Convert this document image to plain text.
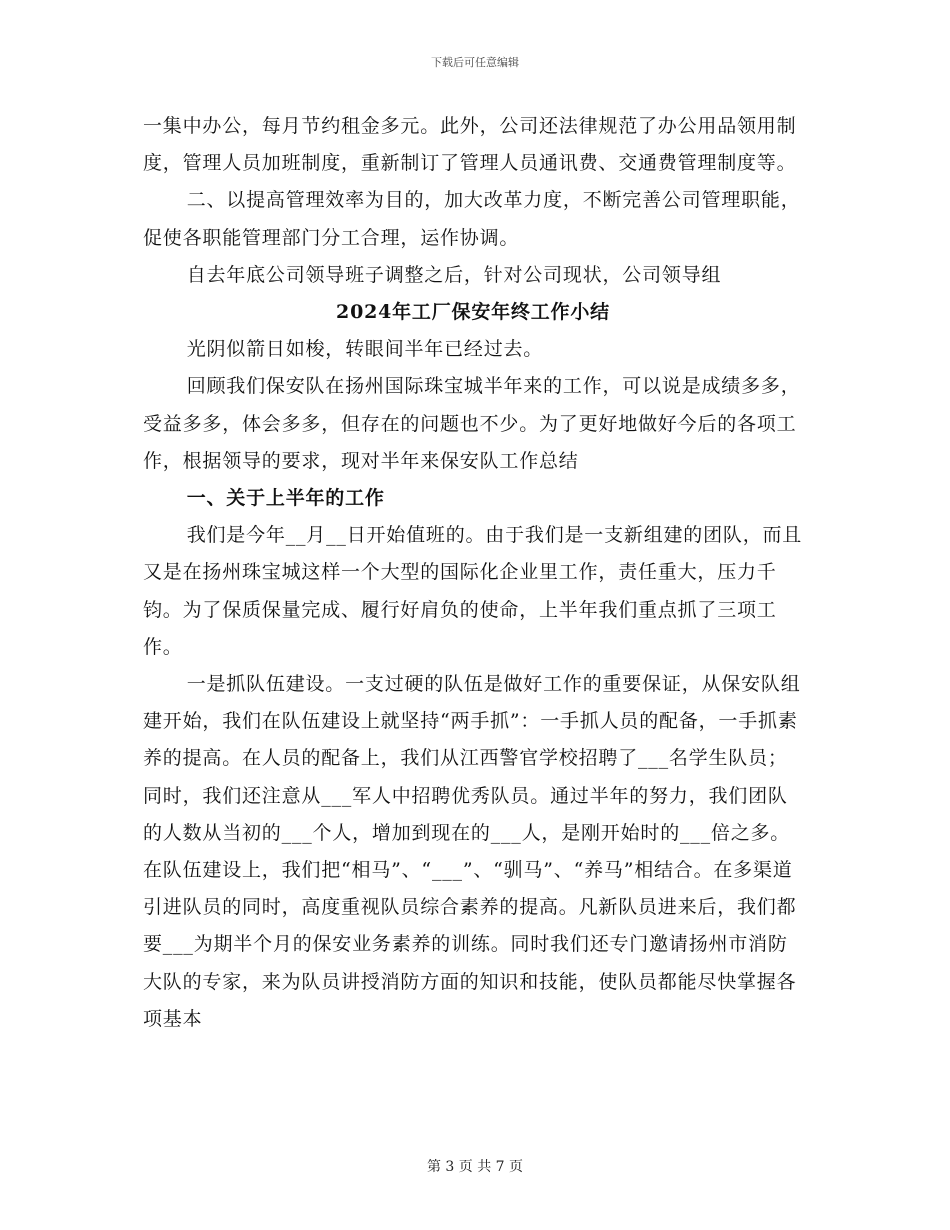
下载后可任意编辑

一集中办公，每月节约租金多元。此外，公司还法律规范了办公用品领用制度，管理人员加班制度，重新制订了管理人员通讯费、交通费管理制度等。

二、以提高管理效率为目的，加大改革力度，不断完善公司管理职能，促使各职能管理部门分工合理，运作协调。

自去年底公司领导班子调整之后，针对公司现状，公司领导组

2024年工厂保安年终工作小结

光阴似箭日如梭，转眼间半年已经过去。

回顾我们保安队在扬州国际珠宝城半年来的工作，可以说是成绩多多，受益多多，体会多多，但存在的问题也不少。为了更好地做好今后的各项工作，根据领导的要求，现对半年来保安队工作总结

一、关于上半年的工作

我们是今年__月__日开始值班的。由于我们是一支新组建的团队，而且又是在扬州珠宝城这样一个大型的国际化企业里工作，责任重大，压力千钧。为了保质保量完成、履行好肩负的使命，上半年我们重点抓了三项工作。

一是抓队伍建设。一支过硬的队伍是做好工作的重要保证，从保安队组建开始，我们在队伍建设上就坚持“两手抓”：一手抓人员的配备，一手抓素养的提高。在人员的配备上，我们从江西警官学校招聘了___名学生队员；同时，我们还注意从___军人中招聘优秀队员。通过半年的努力，我们团队的人数从当初的___个人，增加到现在的___人，是刚开始时的___倍之多。在队伍建设上，我们把“相马”、“___”、“驯马”、“养马”相结合。在多渠道引进队员的同时，高度重视队员综合素养的提高。凡新队员进来后，我们都要___为期半个月的保安业务素养的训练。同时我们还专门邀请扬州市消防大队的专家，来为队员讲授消防方面的知识和技能，使队员都能尽快掌握各项基本

第 3 页 共 7 页
